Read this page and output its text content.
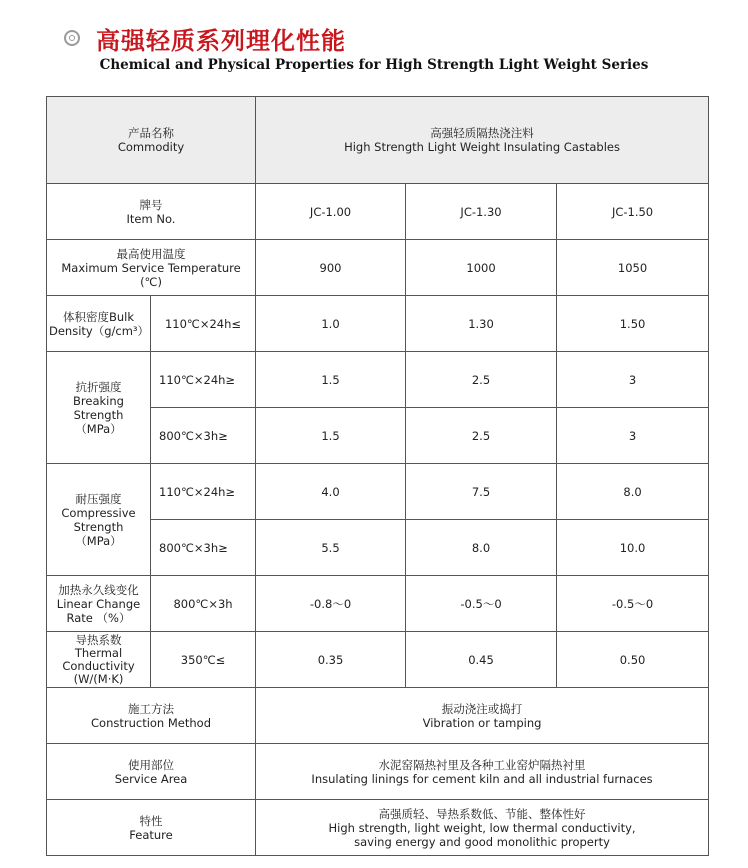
高强轻质系列理化性能
Chemical and Physical Properties for High Strength Light Weight Series
产品名称
Commodity		高强轻质隔热浇注料
High Strength Light Weight Insulating Castables		

牌号
Item No.		JC-1.00	JC-1.30	JC-1.50

最高使用温度
Maximum Service Temperature
(℃)		900	1000	1050

体积密度Bulk
Density（g/cm³）	110℃×24h≤	1.0	1.30	1.50

抗折强度
Breaking
Strength
（MPa）	110℃×24h≥	1.5	2.5	3
	800℃×3h≥	1.5	2.5	3

耐压强度
Compressive
Strength
（MPa）	110℃×24h≥	4.0	7.5	8.0
	800℃×3h≥	5.5	8.0	10.0

加热永久线变化
Linear Change
Rate （%）	800℃×3h	-0.8～0	-0.5～0	-0.5～0

导热系数
Thermal
Conductivity
(W/(M·K)	350℃≤	0.35	0.45	0.50

施工方法
Construction Method		振动浇注或捣打
Vibration or tamping		

使用部位
Service Area		水泥窑隔热衬里及各种工业窑炉隔热衬里
Insulating linings for cement kiln and all industrial furnaces		

特性
Feature		高强质轻、导热系数低、节能、整体性好
High strength, light weight, low thermal conductivity,
saving energy and good monolithic property		
